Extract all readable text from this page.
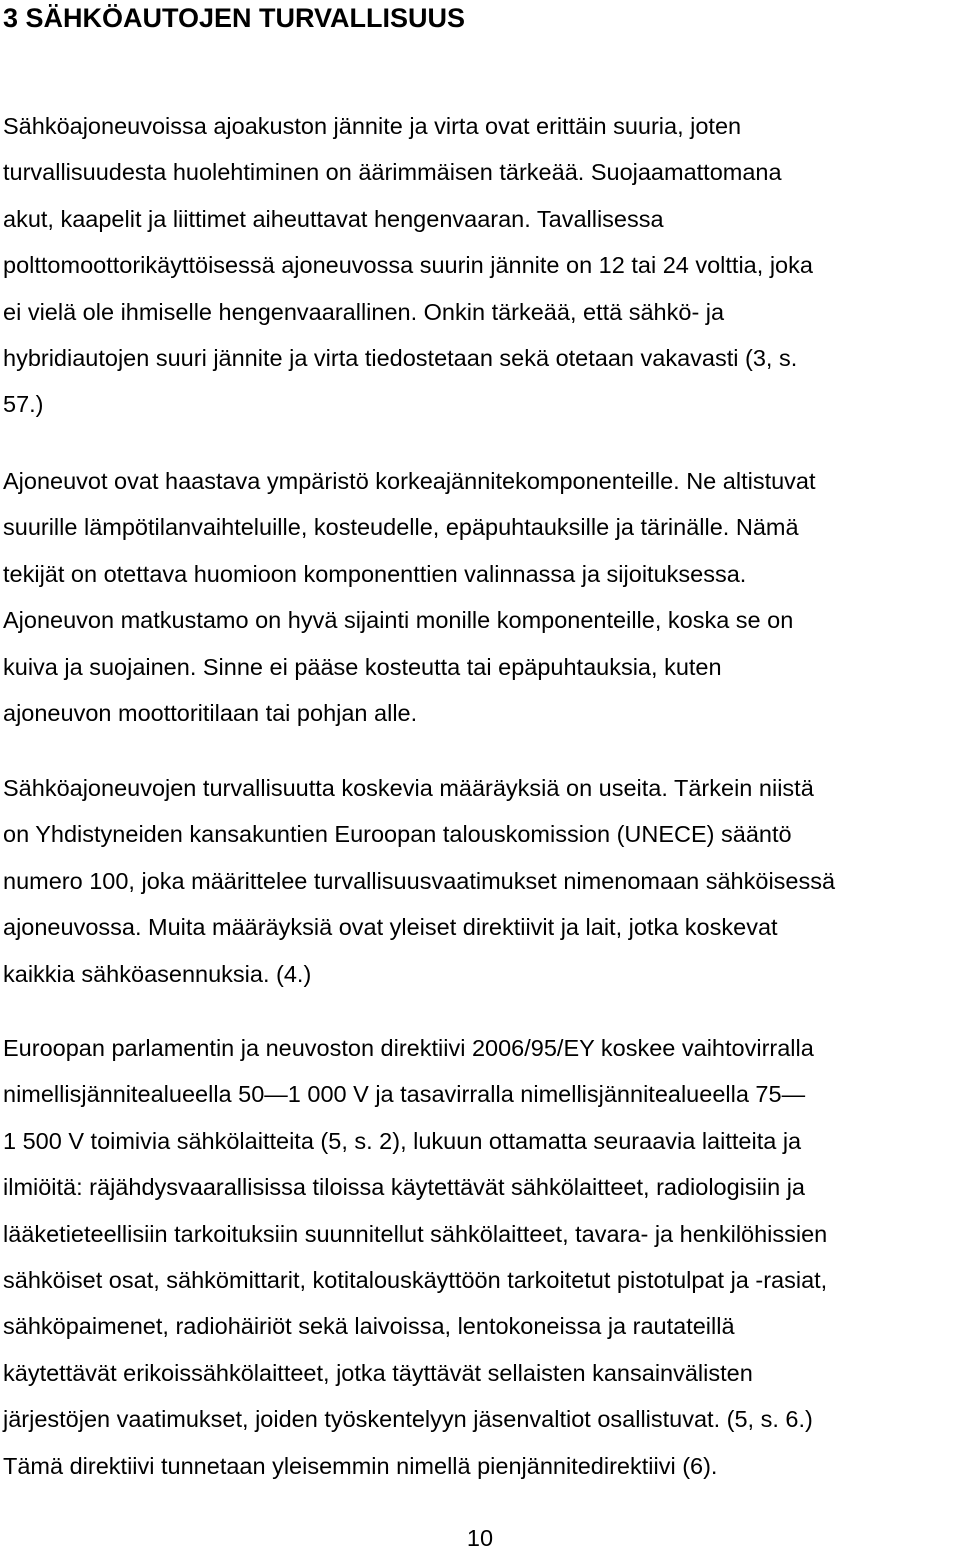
3 SÄHKÖAUTOJEN TURVALLISUUS
Sähköajoneuvoissa ajoakuston jännite ja virta ovat erittäin suuria, joten
turvallisuudesta huolehtiminen on äärimmäisen tärkeää. Suojaamattomana
akut, kaapelit ja liittimet aiheuttavat hengenvaaran. Tavallisessa
polttomoottorikäyttöisessä ajoneuvossa suurin jännite on 12 tai 24 volttia, joka
ei vielä ole ihmiselle hengenvaarallinen. Onkin tärkeää, että sähkö- ja
hybridiautojen suuri jännite ja virta tiedostetaan sekä otetaan vakavasti (3, s.
57.)
Ajoneuvot ovat haastava ympäristö korkeajännitekomponenteille. Ne altistuvat
suurille lämpötilanvaihteluille, kosteudelle, epäpuhtauksille ja tärinälle. Nämä
tekijät on otettava huomioon komponenttien valinnassa ja sijoituksessa.
Ajoneuvon matkustamo on hyvä sijainti monille komponenteille, koska se on
kuiva ja suojainen. Sinne ei pääse kosteutta tai epäpuhtauksia, kuten
ajoneuvon moottoritilaan tai pohjan alle.
Sähköajoneuvojen turvallisuutta koskevia määräyksiä on useita. Tärkein niistä
on Yhdistyneiden kansakuntien Euroopan talouskomission (UNECE) sääntö
numero 100, joka määrittelee turvallisuusvaatimukset nimenomaan sähköisessä
ajoneuvossa. Muita määräyksiä ovat yleiset direktiivit ja lait, jotka koskevat
kaikkia sähköasennuksia. (4.)
Euroopan parlamentin ja neuvoston direktiivi 2006/95/EY koskee vaihtovirralla
nimellisjännitealueella 50—1 000 V ja tasavirralla nimellisjännitealueella 75—
1 500 V toimivia sähkölaitteita (5, s. 2), lukuun ottamatta seuraavia laitteita ja
ilmiöitä: räjähdysvaarallisissa tiloissa käytettävät sähkölaitteet, radiologisiin ja
lääketieteellisiin tarkoituksiin suunnitellut sähkölaitteet, tavara- ja henkilöhissien
sähköiset osat, sähkömittarit, kotitalouskäyttöön tarkoitetut pistotulpat ja -rasiat,
sähköpaimenet, radiohäiriöt sekä laivoissa, lentokoneissa ja rautateillä
käytettävät erikoissähkölaitteet, jotka täyttävät sellaisten kansainvälisten
järjestöjen vaatimukset, joiden työskentelyyn jäsenvaltiot osallistuvat. (5, s. 6.)
Tämä direktiivi tunnetaan yleisemmin nimellä pienjännitedirektiivi (6).
10
